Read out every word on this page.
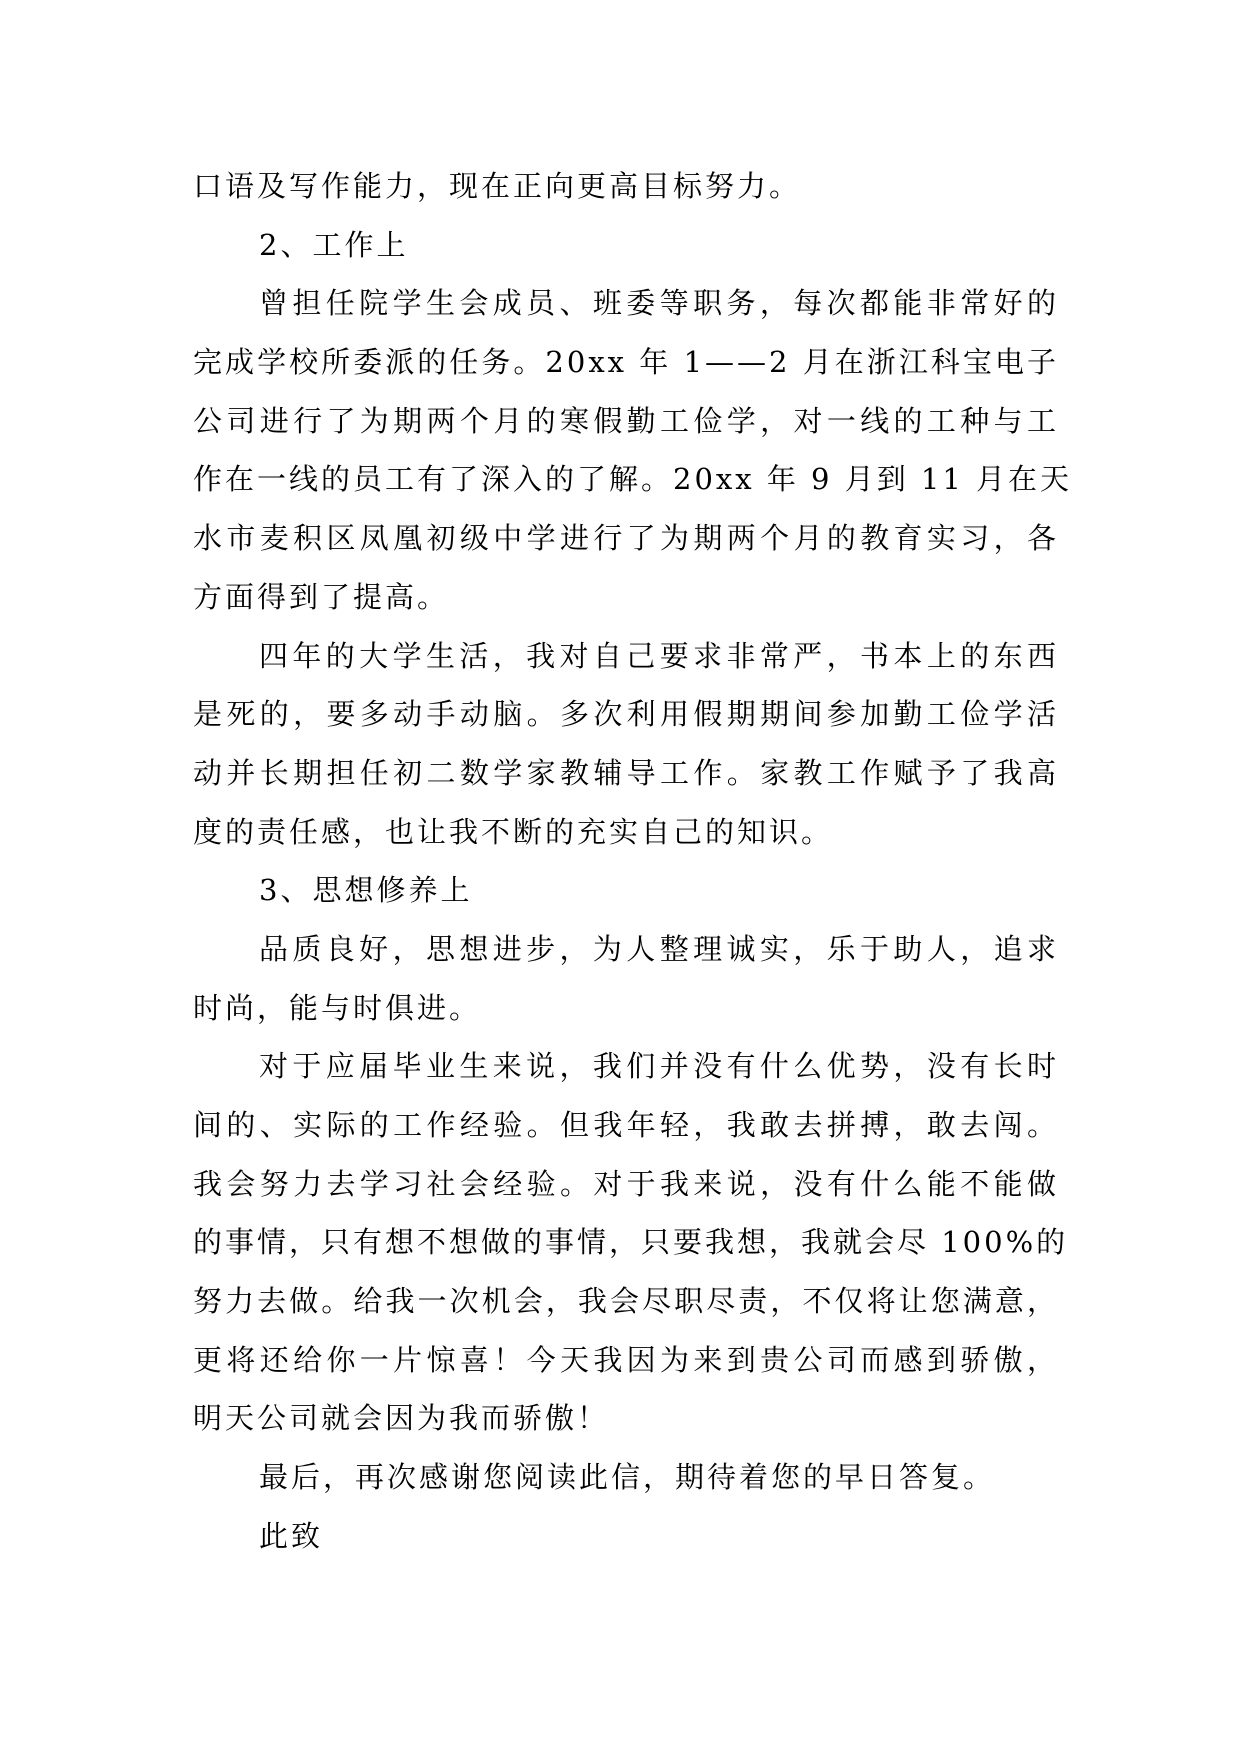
口语及写作能力，现在正向更高目标努力。
2、工作上
曾担任院学生会成员、班委等职务，每次都能非常好的
完成学校所委派的任务。20xx 年 1——2 月在浙江科宝电子
公司进行了为期两个月的寒假勤工俭学，对一线的工种与工
作在一线的员工有了深入的了解。20xx 年 9 月到 11 月在天
水市麦积区凤凰初级中学进行了为期两个月的教育实习，各
方面得到了提高。
四年的大学生活，我对自己要求非常严，书本上的东西
是死的，要多动手动脑。多次利用假期期间参加勤工俭学活
动并长期担任初二数学家教辅导工作。家教工作赋予了我高
度的责任感，也让我不断的充实自己的知识。
3、思想修养上
品质良好，思想进步，为人整理诚实，乐于助人，追求
时尚，能与时俱进。
对于应届毕业生来说，我们并没有什么优势，没有长时
间的、实际的工作经验。但我年轻，我敢去拼搏，敢去闯。
我会努力去学习社会经验。对于我来说，没有什么能不能做
的事情，只有想不想做的事情，只要我想，我就会尽 100%的
努力去做。给我一次机会，我会尽职尽责，不仅将让您满意，
更将还给你一片惊喜！今天我因为来到贵公司而感到骄傲，
明天公司就会因为我而骄傲！
最后，再次感谢您阅读此信，期待着您的早日答复。
此致
